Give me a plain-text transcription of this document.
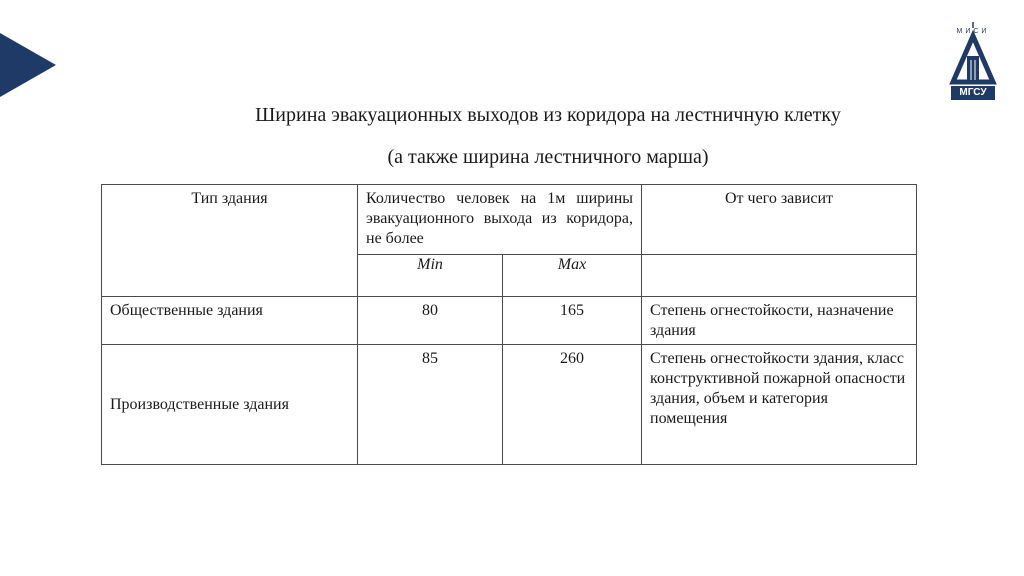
МИСИ
МГСУ
Ширина эвакуационных выходов из коридора на лестничную клетку
(а также ширина лестничного марша)
Тип здания	Количество человек на 1м ширины эвакуационного выхода из коридора, не более		От чего зависит
	Min	Max	
Общественные здания	80	165	Степень огнестойкости, назначение здания
Производственные здания	85	260	Степень огнестойкости здания, класс конструктивной пожарной опасности здания, объем и категория помещения
